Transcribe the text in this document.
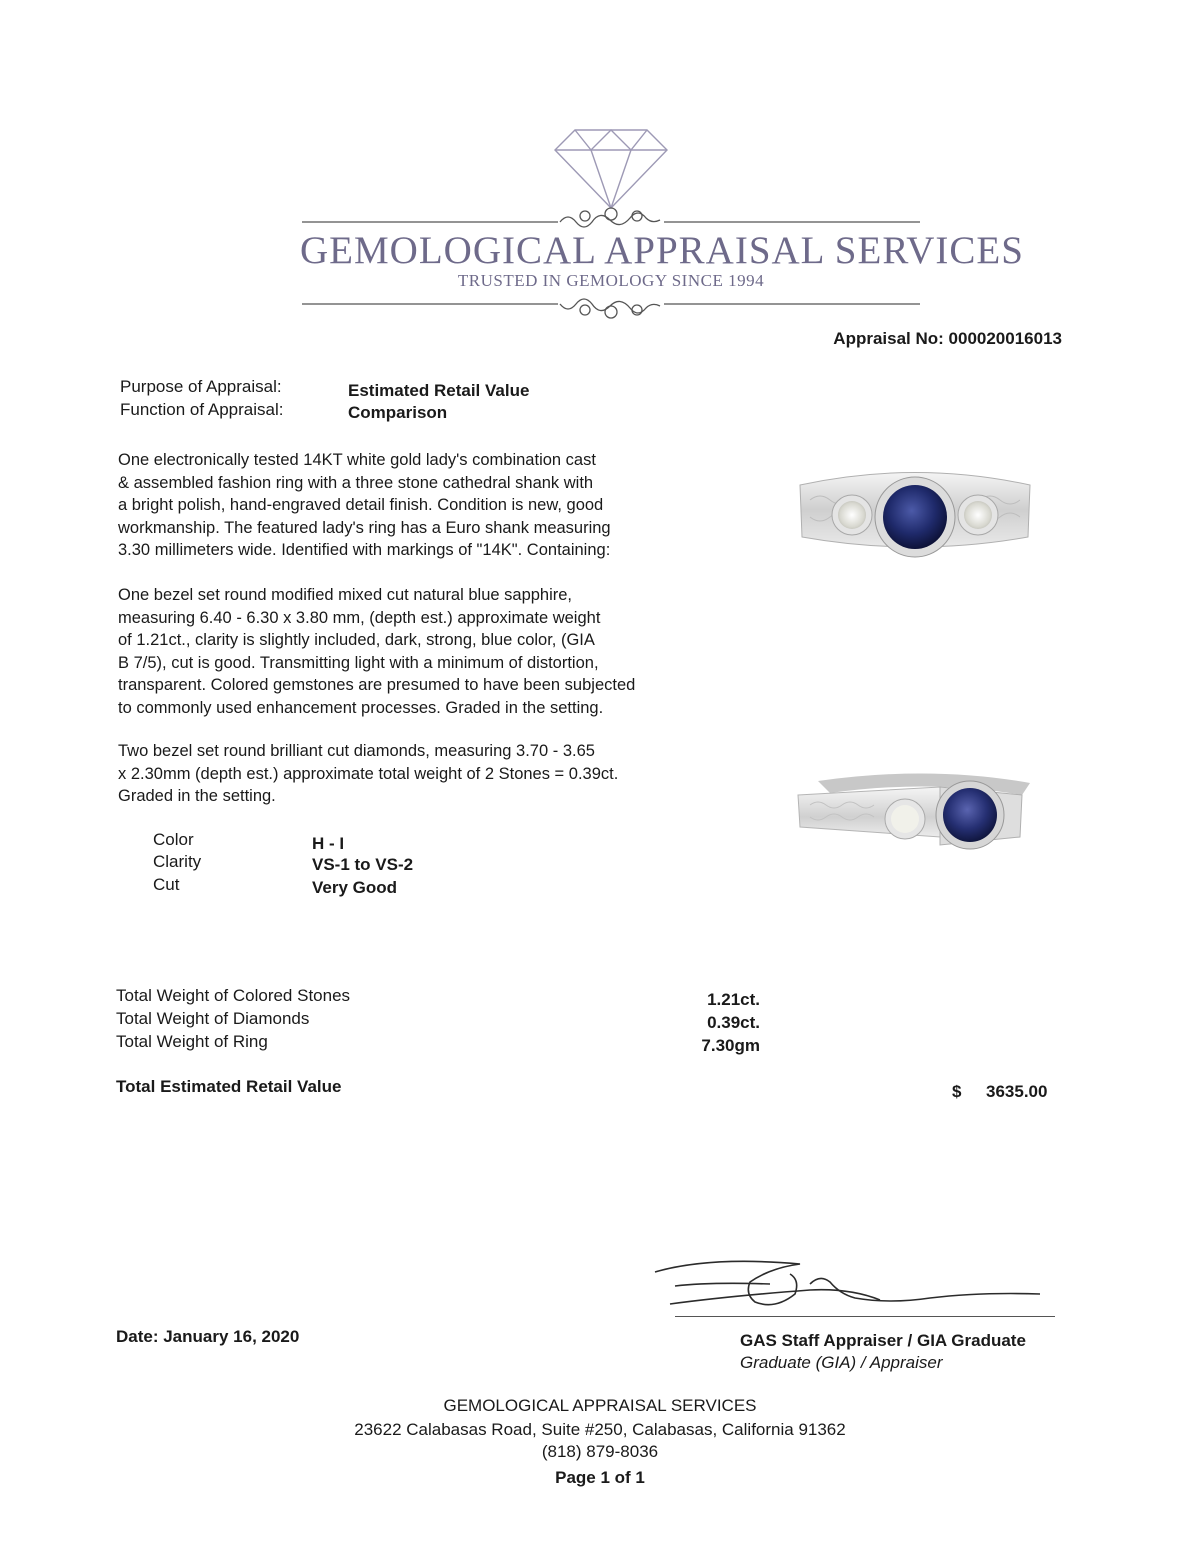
GEMOLOGICAL APPRAISAL SERVICES
TRUSTED IN GEMOLOGY SINCE 1994
Appraisal No: 000020016013
Purpose of Appraisal:	Estimated Retail Value
Function of Appraisal:	Comparison
One electronically tested 14KT white gold lady's combination cast
& assembled fashion ring with a three stone cathedral shank with
a bright polish, hand-engraved detail finish. Condition is new, good
workmanship. The featured lady's ring has a Euro shank measuring
3.30 millimeters wide. Identified with markings of "14K". Containing:
One bezel set round modified mixed cut natural blue sapphire,
measuring 6.40 - 6.30 x 3.80 mm, (depth est.) approximate weight
of 1.21ct., clarity is slightly included, dark, strong, blue color, (GIA
B 7/5), cut is good. Transmitting light with a minimum of distortion,
transparent. Colored gemstones are presumed to have been subjected
to commonly used enhancement processes. Graded in the setting.
Two bezel set round brilliant cut diamonds, measuring 3.70 - 3.65
x 2.30mm (depth est.) approximate total weight of 2 Stones = 0.39ct.
Graded in the setting.
Color	H - I
Clarity	VS-1 to VS-2
Cut	Very Good
Total Weight of Colored Stones	1.21ct.
Total Weight of Diamonds	0.39ct.
Total Weight of Ring	7.30gm
Total Estimated Retail Value	$ 3635.00
Date: January 16, 2020	GAS Staff Appraiser / GIA Graduate
Graduate (GIA) / Appraiser
GEMOLOGICAL APPRAISAL SERVICES
23622 Calabasas Road, Suite #250, Calabasas, California 91362
(818) 879-8036
Page 1 of 1
